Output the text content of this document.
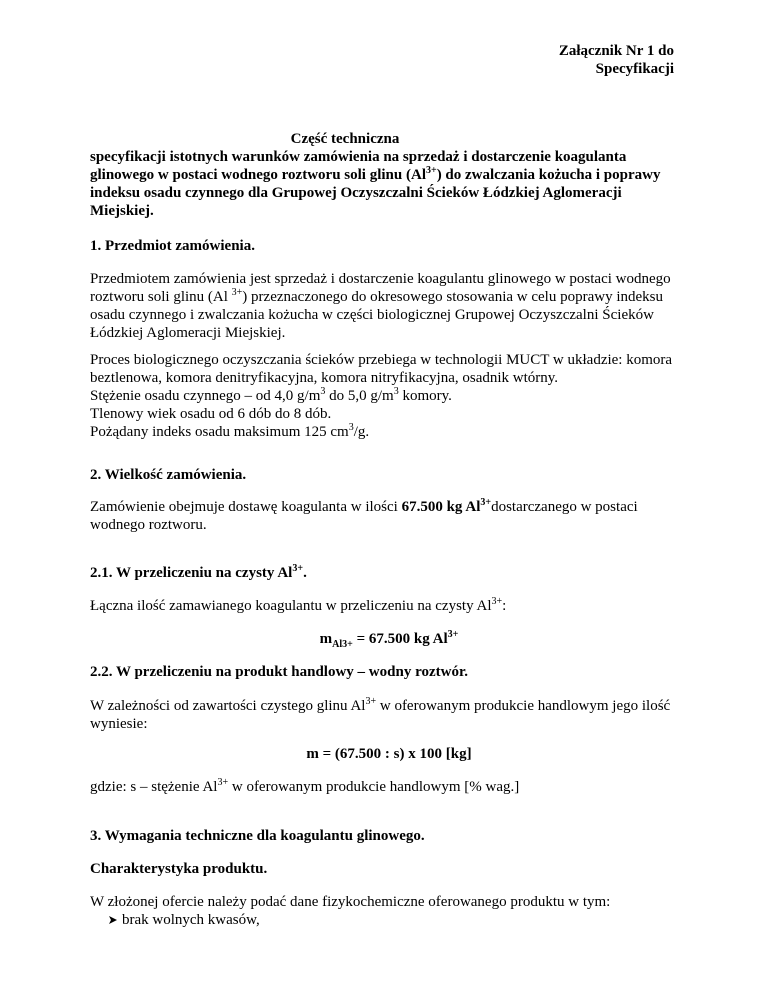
Załącznik Nr 1 do
Specyfikacji
Część techniczna
specyfikacji istotnych warunków zamówienia na sprzedaż i dostarczenie koagulanta
glinowego w postaci wodnego roztworu soli glinu $(Al^{3+})$ do zwalczania kożucha i poprawy
indeksu osadu czynnego dla Grupowej Oczyszczalni Ścieków Łódzkiej Aglomeracji
Miejskiej.
1. Przedmiot zamówienia.
Przedmiotem zamówienia jest sprzedaż i dostarczenie koagulantu glinowego w postaci wodnego
roztworu soli glinu (Al $^{3+}$) przeznaczonego do okresowego stosowania w celu poprawy indeksu
osadu czynnego i zwalczania kożucha w części biologicznej Grupowej Oczyszczalni Ścieków
Łódzkiej Aglomeracji Miejskiej.
Proces biologicznego oczyszczania ścieków przebiega w technologii MUCT w układzie: komora
beztlenowa, komora denitryfikacyjna, komora nitryfikacyjna, osadnik wtórny.
Stężenie osadu czynnego – od 4,0 $g/m^3$ do 5,0 $g/m^3$ komory.
Tlenowy wiek osadu od 6 dób do 8 dób.
Pożądany indeks osadu maksimum 125 $cm^3/g$.
2. Wielkość zamówienia.
Zamówienie obejmuje dostawę koagulanta w ilości 67.500 kg $Al^{3+}dostarczanego$ w postaci
wodnego roztworu.
2.1. W przeliczeniu na czysty $Al^{3+}$.
Łączna ilość zamawianego koagulantu w przeliczeniu na czysty $Al^{3+}$:
$m_{Al3+} = 67.500$ kg $Al^{3+}$
2.2. W przeliczeniu na produkt handlowy – wodny roztwór.
W zależności od zawartości czystego glinu $Al^{3+}$ w oferowanym produkcie handlowym jego ilość
wyniesie:
m = (67.500 : s) x 100 [kg]
gdzie: s – stężenie $Al^{3+}$ w oferowanym produkcie handlowym [% wag.]
3. Wymagania techniczne dla koagulantu glinowego.
Charakterystyka produktu.
W złożonej ofercie należy podać dane fizykochemiczne oferowanego produktu w tym:
brak wolnych kwasów,
